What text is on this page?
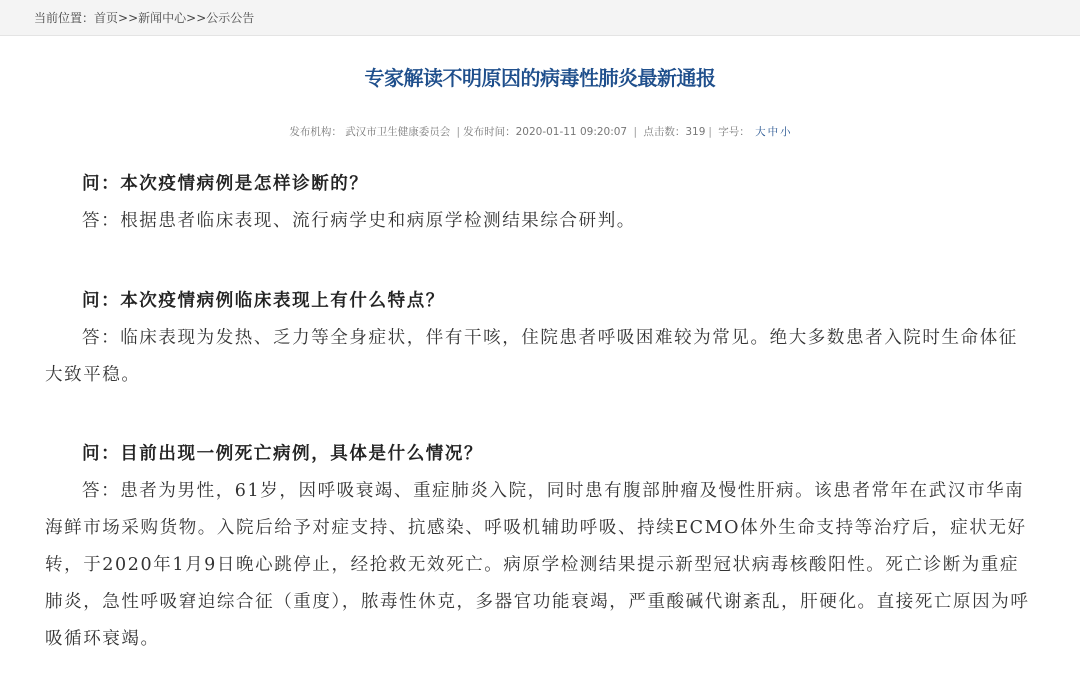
当前位置：首页>>新闻中心>>公示公告
专家解读不明原因的病毒性肺炎最新通报
发布机构： 武汉市卫生健康委员会 | 发布时间：2020-01-11 09:20:07 | 点击数：319 | 字号： 大 中 小
问：本次疫情病例是怎样诊断的？

答：根据患者临床表现、流行病学史和病原学检测结果综合研判。

问：本次疫情病例临床表现上有什么特点？

答：临床表现为发热、乏力等全身症状，伴有干咳，住院患者呼吸困难较为常见。绝大多数患者入院时生命体征大致平稳。

问：目前出现一例死亡病例，具体是什么情况？

答：患者为男性，61岁，因呼吸衰竭、重症肺炎入院，同时患有腹部肿瘤及慢性肝病。该患者常年在武汉市华南海鲜市场采购货物。入院后给予对症支持、抗感染、呼吸机辅助呼吸、持续ECMO体外生命支持等治疗后，症状无好转，于2020年1月9日晚心跳停止，经抢救无效死亡。病原学检测结果提示新型冠状病毒核酸阳性。死亡诊断为重症肺炎，急性呼吸窘迫综合征（重度），脓毒性休克，多器官功能衰竭，严重酸碱代谢紊乱，肝硬化。直接死亡原因为呼吸循环衰竭。
